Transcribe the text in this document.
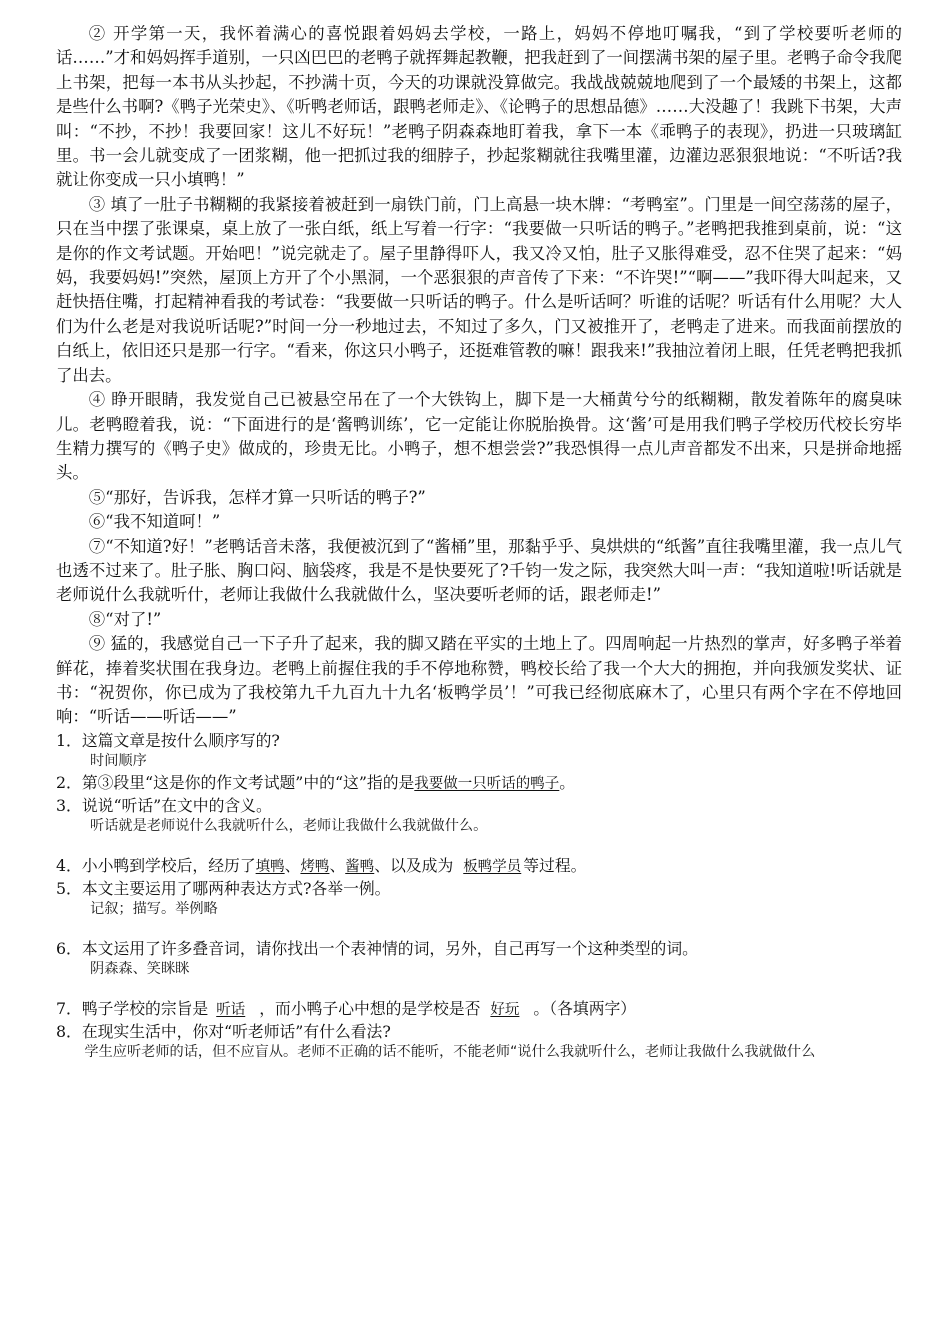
② 开学第一天，我怀着满心的喜悦跟着妈妈去学校，一路上，妈妈不停地叮嘱我，“到了学校要听老师的话……”才和妈妈挥手道别，一只凶巴巴的老鸭子就挥舞起教鞭，把我赶到了一间摆满书架的屋子里。老鸭子命令我爬上书架，把每一本书从头抄起，不抄满十页，今天的功课就没算做完。我战战兢兢地爬到了一个最矮的书架上，这都是些什么书啊?《鸭子光荣史》、《听鸭老师话，跟鸭老师走》、《论鸭子的思想品德》……大没趣了！我跳下书架，大声叫：“不抄，不抄！我要回家！这儿不好玩！”老鸭子阴森森地盯着我，拿下一本《乖鸭子的表现》，扔进一只玻璃缸里。书一会儿就变成了一团浆糊，他一把抓过我的细脖子，抄起浆糊就往我嘴里灌，边灌边恶狠狠地说：“不听话?我就让你变成一只小填鸭！”

③ 填了一肚子书糊糊的我紧接着被赶到一扇铁门前，门上高悬一块木牌：“考鸭室”。门里是一间空荡荡的屋子，只在当中摆了张课桌，桌上放了一张白纸，纸上写着一行字：“我要做一只听话的鸭子。”老鸭把我推到桌前，说：“这是你的作文考试题。开始吧！”说完就走了。屋子里静得吓人，我又冷又怕，肚子又胀得难受，忍不住哭了起来：“妈妈，我要妈妈!”突然，屋顶上方开了个小黑洞，一个恶狠狠的声音传了下来：“不许哭!”“啊——”我吓得大叫起来，又赶快捂住嘴，打起精神看我的考试卷：“我要做一只听话的鸭子。什么是听话呵？听谁的话呢？听话有什么用呢？大人们为什么老是对我说听话呢?”时间一分一秒地过去，不知过了多久，门又被推开了，老鸭走了进来。而我面前摆放的白纸上，依旧还只是那一行字。“看来，你这只小鸭子，还挺难管教的嘛！跟我来!”我抽泣着闭上眼，任凭老鸭把我抓了出去。

④ 睁开眼睛，我发觉自己已被悬空吊在了一个大铁钩上，脚下是一大桶黄兮兮的纸糊糊，散发着陈年的腐臭味儿。老鸭瞪着我，说：“下面进行的是‘酱鸭训练’，它一定能让你脱胎换骨。这‘酱’可是用我们鸭子学校历代校长穷毕生精力撰写的《鸭子史》做成的，珍贵无比。小鸭子，想不想尝尝?”我恐惧得一点儿声音都发不出来，只是拼命地摇头。

⑤“那好，告诉我，怎样才算一只听话的鸭子?”

⑥“我不知道呵！”

⑦“不知道?好！”老鸭话音未落，我便被沉到了“酱桶”里，那黏乎乎、臭烘烘的“纸酱”直往我嘴里灌，我一点儿气也透不过来了。肚子胀、胸口闷、脑袋疼，我是不是快要死了?千钧一发之际，我突然大叫一声：“我知道啦!听话就是老师说什么我就听什，老师让我做什么我就做什么，坚决要听老师的话，跟老师走!”

⑧“对了!”

⑨ 猛的，我感觉自己一下子升了起来，我的脚又踏在平实的土地上了。四周响起一片热烈的掌声，好多鸭子举着鲜花，捧着奖状围在我身边。老鸭上前握住我的手不停地称赞，鸭校长给了我一个大大的拥抱，并向我颁发奖状、证书：“祝贺你，你已成为了我校第九千九百九十九名‘板鸭学员’！”可我已经彻底麻木了，心里只有两个字在不停地回响：“听话——听话——”

1．这篇文章是按什么顺序写的?

时间顺序

2．第③段里“这是你的作文考试题”中的“这”指的是我要做一只听话的鸭子。

3．说说“听话”在文中的含义。

听话就是老师说什么我就听什么，老师让我做什么我就做什么。

4．小小鸭到学校后，经历了填鸭、烤鸭、酱鸭、以及成为 板鸭学员 等过程。

5．本文主要运用了哪两种表达方式?各举一例。

记叙；描写。举例略

6．本文运用了许多叠音词，请你找出一个表神情的词，另外，自己再写一个这种类型的词。

阴森森、笑眯眯

7．鸭子学校的宗旨是 听话 ，而小鸭子心中想的是学校是否 好玩 。（各填两字）

8．在现实生活中，你对“听老师话”有什么看法?

学生应听老师的话，但不应盲从。老师不正确的话不能听，不能老师“说什么我就听什么，老师让我做什么我就做什么
